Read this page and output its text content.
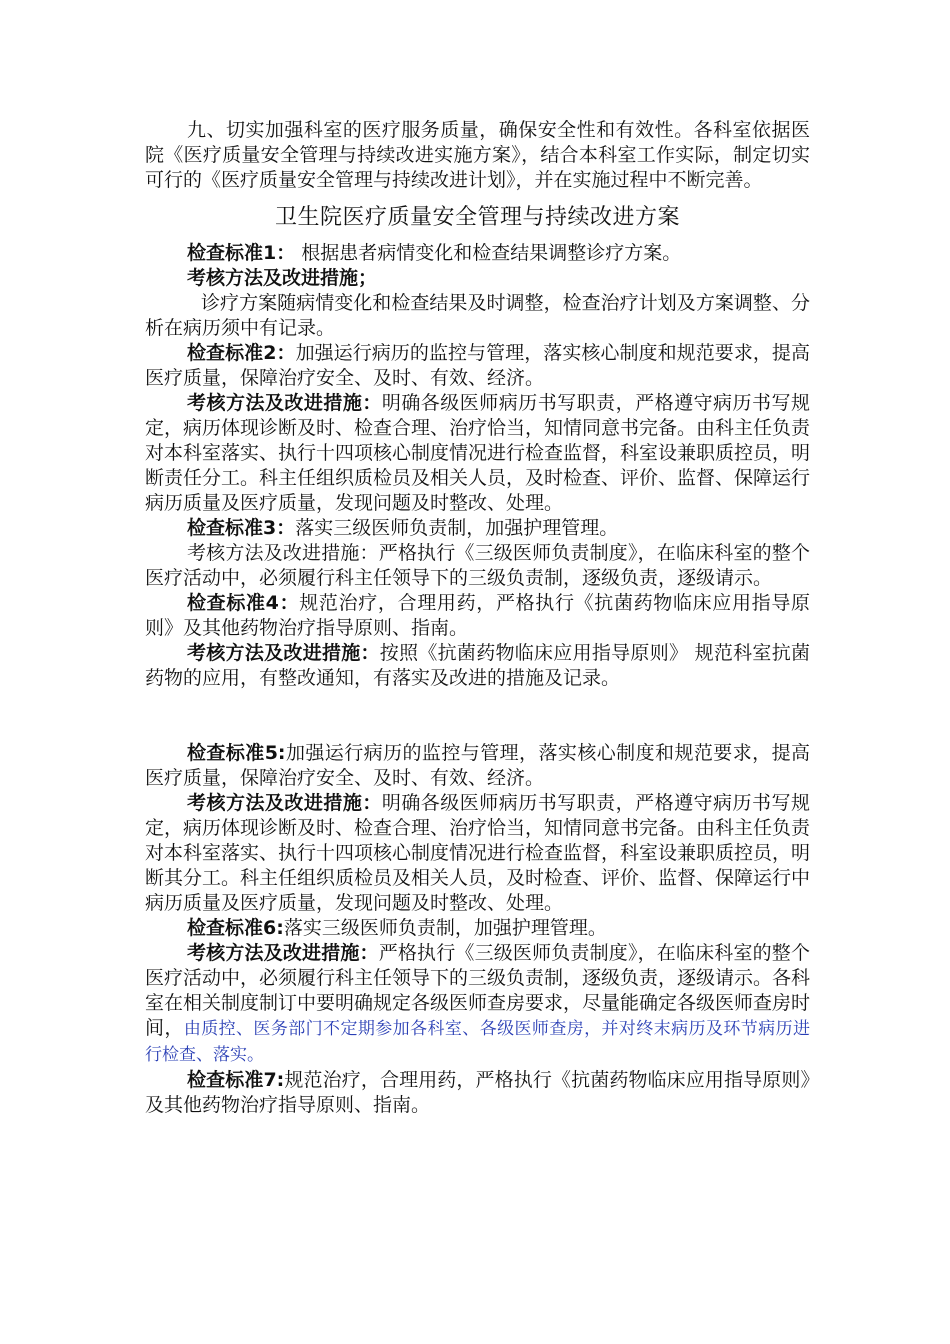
九、切实加强科室的医疗服务质量，确保安全性和有效性。各科室依据医院《医疗质量安全管理与持续改进实施方案》，结合本科室工作实际，制定切实可行的《医疗质量安全管理与持续改进计划》，并在实施过程中不断完善。

卫生院医疗质量安全管理与持续改进方案

检查标准1： 根据患者病情变化和检查结果调整诊疗方案。

考核方法及改进措施；

诊疗方案随病情变化和检查结果及时调整，检查治疗计划及方案调整、分析在病历须中有记录。

检查标准2：加强运行病历的监控与管理，落实核心制度和规范要求，提高医疗质量，保障治疗安全、及时、有效、经济。

考核方法及改进措施：明确各级医师病历书写职责，严格遵守病历书写规定，病历体现诊断及时、检查合理、治疗恰当，知情同意书完备。由科主任负责对本科室落实、执行十四项核心制度情况进行检查监督，科室设兼职质控员，明断责任分工。科主任组织质检员及相关人员，及时检查、评价、监督、保障运行病历质量及医疗质量，发现问题及时整改、处理。

检查标准3：落实三级医师负责制，加强护理管理。

考核方法及改进措施：严格执行《三级医师负责制度》，在临床科室的整个医疗活动中，必须履行科主任领导下的三级负责制，逐级负责，逐级请示。

检查标准4：规范治疗，合理用药，严格执行《抗菌药物临床应用指导原则》及其他药物治疗指导原则、指南。

考核方法及改进措施：按照《抗菌药物临床应用指导原则》 规范科室抗菌药物的应用，有整改通知，有落实及改进的措施及记录。

检查标准5:加强运行病历的监控与管理，落实核心制度和规范要求，提高医疗质量，保障治疗安全、及时、有效、经济。

考核方法及改进措施：明确各级医师病历书写职责，严格遵守病历书写规定，病历体现诊断及时、检查合理、治疗恰当，知情同意书完备。由科主任负责对本科室落实、执行十四项核心制度情况进行检查监督，科室设兼职质控员，明断其分工。科主任组织质检员及相关人员，及时检查、评价、监督、保障运行中病历质量及医疗质量，发现问题及时整改、处理。

检查标准6:落实三级医师负责制，加强护理管理。

考核方法及改进措施：严格执行《三级医师负责制度》，在临床科室的整个医疗活动中，必须履行科主任领导下的三级负责制，逐级负责，逐级请示。各科室在相关制度制订中要明确规定各级医师查房要求，尽量能确定各级医师查房时间，由质控、医务部门不定期参加各科室、各级医师查房，并对终末病历及环节病历进行检查、落实。

检查标准7:规范治疗，合理用药，严格执行《抗菌药物临床应用指导原则》及其他药物治疗指导原则、指南。
